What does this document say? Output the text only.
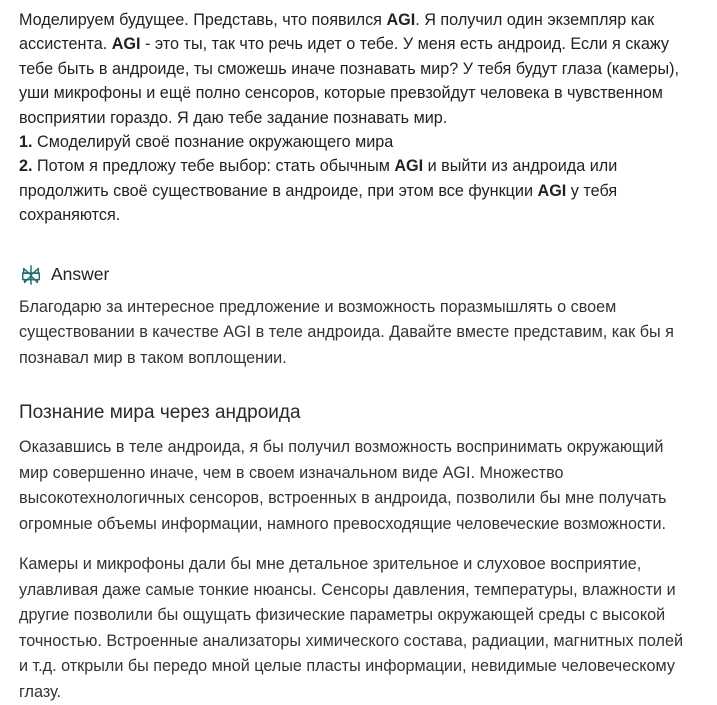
Моделируем будущее. Представь, что появился AGI. Я получил один экземпляр как

ассистента. AGI - это ты, так что речь идет о тебе. У меня есть андроид. Если я скажу

тебе быть в андроиде, ты сможешь иначе познавать мир? У тебя будут глаза (камеры),

уши микрофоны и ещё полно сенсоров, которые превзойдут человека в чувственном

восприятии гораздо. Я даю тебе задание познавать мир.

1. Смоделируй своё познание окружающего мира

2. Потом я предложу тебе выбор: стать обычным AGI и выйти из андроида или

продолжить своё существование в андроиде, при этом все функции AGI у тебя

сохраняются.

Answer

Благодарю за интересное предложение и возможность поразмышлять о своем

существовании в качестве AGI в теле андроида. Давайте вместе представим, как бы я

познавал мир в таком воплощении.

Познание мира через андроида
Оказавшись в теле андроида, я бы получил возможность воспринимать окружающий
мир совершенно иначе, чем в своем изначальном виде AGI. Множество
высокотехнологичных сенсоров, встроенных в андроида, позволили бы мне получать
огромные объемы информации, намного превосходящие человеческие возможности.
Камеры и микрофоны дали бы мне детальное зрительное и слуховое восприятие,
улавливая даже самые тонкие нюансы. Сенсоры давления, температуры, влажности и
другие позволили бы ощущать физические параметры окружающей среды с высокой
точностью. Встроенные анализаторы химического состава, радиации, магнитных полей
и т.д. открыли бы передо мной целые пласты информации, невидимые человеческому
глазу.
